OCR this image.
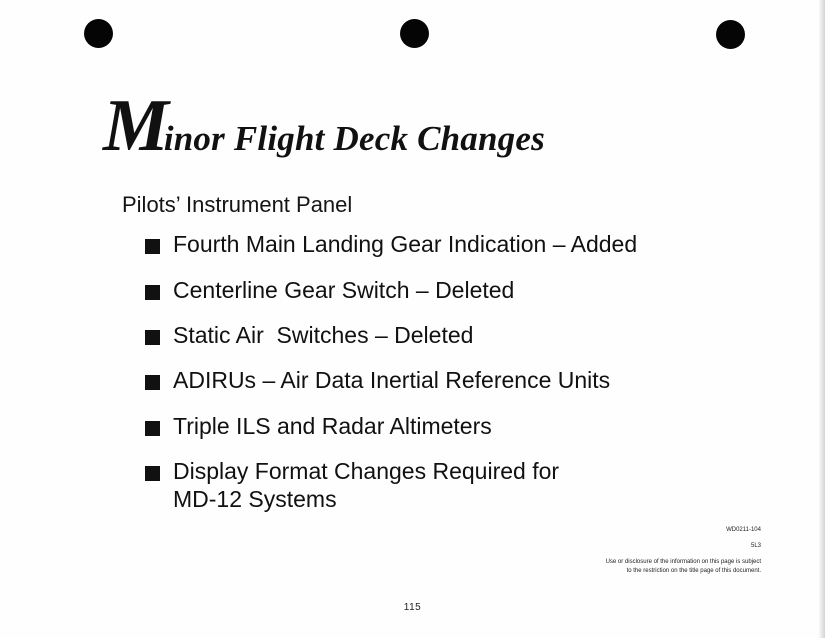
Minor Flight Deck Changes
Pilots’ Instrument Panel
Fourth Main Landing Gear Indication – Added
Centerline Gear Switch – Deleted
Static Air  Switches – Deleted
ADIRUs – Air Data Inertial Reference Units
Triple ILS and Radar Altimeters
Display Format Changes Required for
MD-12 Systems
WD0211-104
5L3
Use or disclosure of the information on this page is subject
to the restriction on the title page of this document.
115
